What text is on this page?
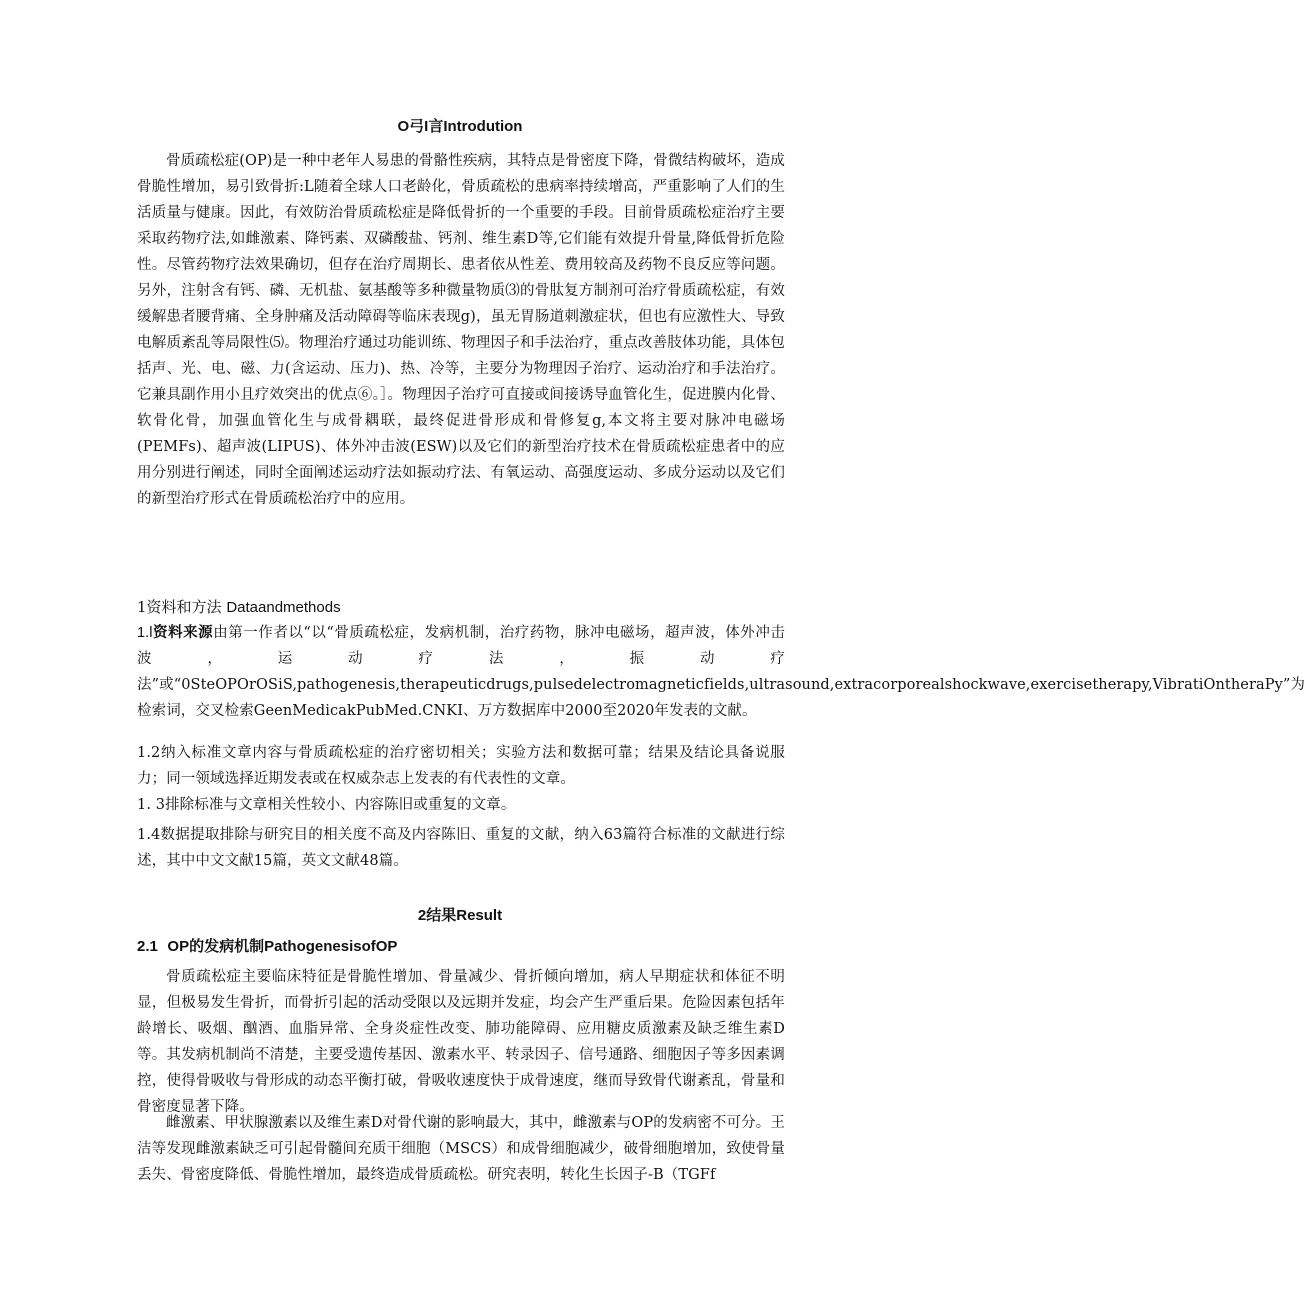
O弓I言Introdution

骨质疏松症(OP)是一种中老年人易患的骨骼性疾病，其特点是骨密度下降，骨微结构破坏，造成骨脆性增加，易引致骨折:L随着全球人口老龄化，骨质疏松的患病率持续增高，严重影响了人们的生活质量与健康。因此，有效防治骨质疏松症是降低骨折的一个重要的手段。目前骨质疏松症治疗主要采取药物疗法,如雌激素、降钙素、双磷酸盐、钙剂、维生素D等,它们能有效提升骨量,降低骨折危险性。尽管药物疗法效果确切，但存在治疗周期长、患者依从性差、费用较高及药物不良反应等问题。另外，注射含有钙、磷、无机盐、氨基酸等多种微量物质⑶的骨肽复方制剂可治疗骨质疏松症，有效缓解患者腰背痛、全身肿痛及活动障碍等临床表现g)，虽无胃肠道刺激症状，但也有应激性大、导致电解质紊乱等局限性⑸。物理治疗通过功能训练、物理因子和手法治疗，重点改善肢体功能，具体包括声、光、电、磁、力(含运动、压力)、热、冷等，主要分为物理因子治疗、运动治疗和手法治疗。它兼具副作用小且疗效突出的优点⑥。］。物理因子治疗可直接或间接诱导血管化生，促进膜内化骨、软骨化骨，加强血管化生与成骨耦联，最终促进骨形成和骨修复g,本文将主要对脉冲电磁场(PEMFs)、超声波(LIPUS)、体外冲击波(ESW)以及它们的新型治疗技术在骨质疏松症患者中的应用分别进行阐述，同时全面阐述运动疗法如振动疗法、有氧运动、高强度运动、多成分运动以及它们的新型治疗形式在骨质疏松治疗中的应用。

1资料和方法 Dataandmethods

1.l资料来源由第一作者以“以“骨质疏松症，发病机制，治疗药物，脉冲电磁场，超声波，体外冲击波，运动疗法，振动疗法”或“0SteOPOrOSiS,pathogenesis,therapeuticdrugs,pulsedelectromagneticfields,ultrasound,extracorporealshockwave,exercisetherapy,VibratiOntheraPy”为检索词，交叉检索GeenMedicakPubMed.CNKI、万方数据库中2000至2020年发表的文献。

1.2纳入标准文章内容与骨质疏松症的治疗密切相关；实验方法和数据可靠；结果及结论具备说服力；同一领域选择近期发表或在权威杂志上发表的有代表性的文章。

1. 3排除标准与文章相关性较小、内容陈旧或重复的文章。

1.4数据提取排除与研究目的相关度不高及内容陈旧、重复的文献，纳入63篇符合标准的文献进行综述，其中中文文献15篇，英文文献48篇。

2结果Result
2.1 OP的发病机制PathogenesisofOP

骨质疏松症主要临床特征是骨脆性增加、骨量减少、骨折倾向增加，病人早期症状和体征不明显，但极易发生骨折，而骨折引起的活动受限以及远期并发症，均会产生严重后果。危险因素包括年龄增长、吸烟、酗酒、血脂异常、全身炎症性改变、肺功能障碍、应用糖皮质激素及缺乏维生素D等。其发病机制尚不清楚，主要受遗传基因、激素水平、转录因子、信号通路、细胞因子等多因素调控，使得骨吸收与骨形成的动态平衡打破，骨吸收速度快于成骨速度，继而导致骨代谢紊乱，骨量和骨密度显著下降。

雌激素、甲状腺激素以及维生素D对骨代谢的影响最大，其中，雌激素与OP的发病密不可分。王洁等发现雌激素缺乏可引起骨髓间充质干细胞（MSCS）和成骨细胞减少，破骨细胞增加，致使骨量丢失、骨密度降低、骨脆性增加，最终造成骨质疏松。研究表明，转化生长因子-B（TGFf
